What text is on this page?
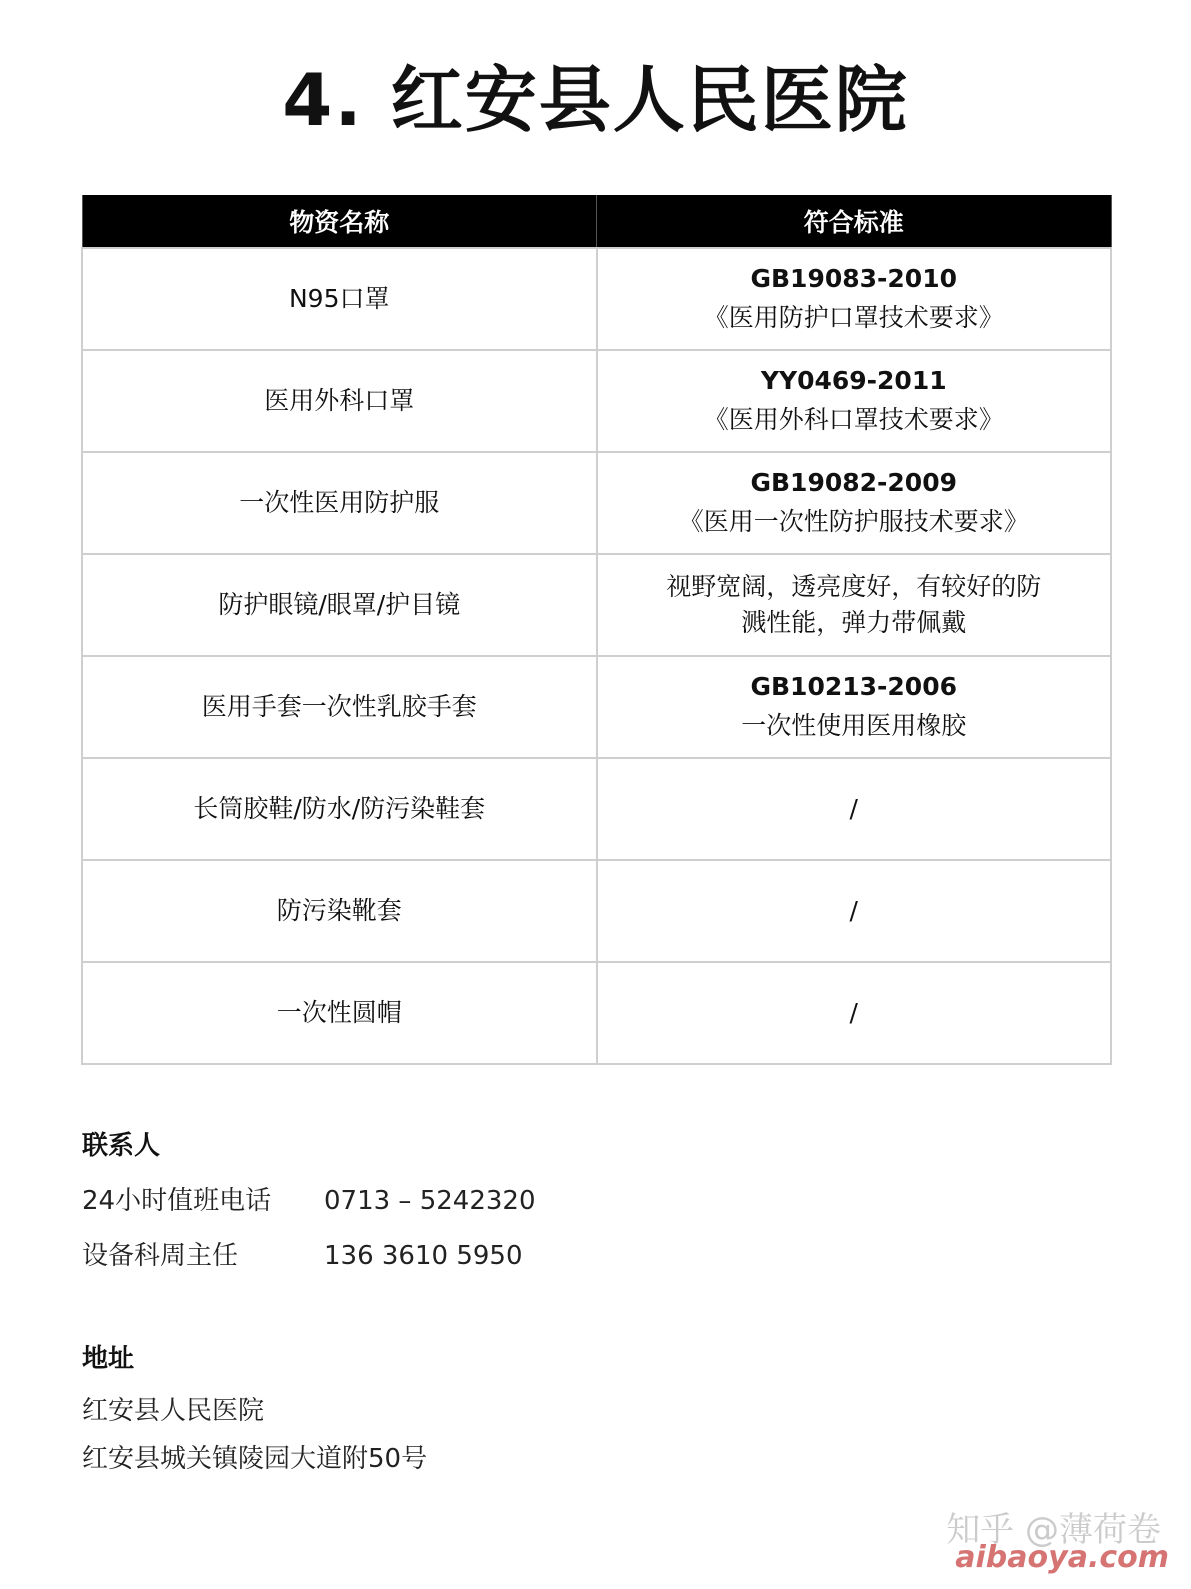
4. 红安县人民医院
物资名称	符合标准
N95口罩	GB19083-2010
《医用防护口罩技术要求》

医用外科口罩	YY0469-2011
《医用外科口罩技术要求》

一次性医用防护服	GB19082-2009
《医用一次性防护服技术要求》

防护眼镜/眼罩/护目镜	视野宽阔，透亮度好，有较好的防
溅性能，弹力带佩戴

医用手套一次性乳胶手套	GB10213-2006
一次性使用医用橡胶

长筒胶鞋/防水/防污染鞋套	/

防污染靴套	/

一次性圆帽	/
联系人
24小时值班电话 0713 – 5242320
设备科周主任	136 3610 5950
地址
红安县人民医院
红安县城关镇陵园大道附50号
知乎 @薄荷卷
aibaoya.com
